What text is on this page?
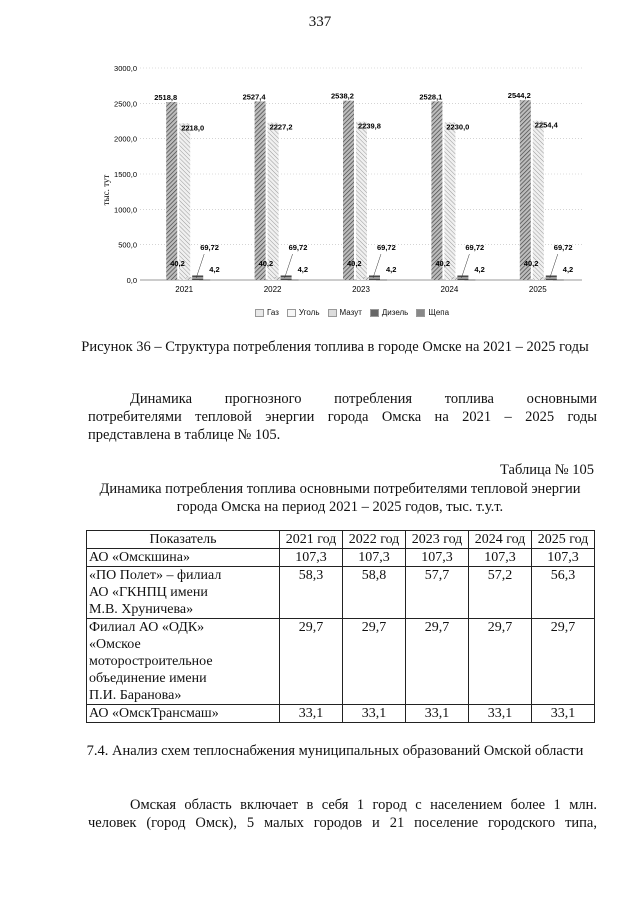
337
0,0
500,0
1000,0
1500,0
2000,0
2500,0
3000,0
2518,8
2218,0
40,2
69,72
4,2
2527,4
2227,2
40,2
69,72
4,2
2538,2
2239,8
40,2
69,72
4,2
2528,1
2230,0
40,2
69,72
4,2
2544,2
2254,4
40,2
69,72
4,2
2021	2022	2023	2024	2025
тыс. тут
Газ	Уголь	Мазут	Дизель	Щепа
Рисунок 36 – Структура потребления топлива в городе Омске на 2021 – 2025 годы
Динамика прогнозного потребления топлива основными
потребителями тепловой энергии города Омска на 2021 – 2025 годы
представлена в таблице № 105.
Таблица № 105
Динамика потребления топлива основными потребителями тепловой энергии города Омска на период 2021 – 2025 годов, тыс. т.у.т.
Показатель	2021 год	2022 год	2023 год	2024 год	2025 год
АО «Омскшина»	107,3	107,3	107,3	107,3	107,3
«ПО Полет» – филиал
АО «ГКНПЦ имени
М.В. Хруничева»	58,3	58,8	57,7	57,2	56,3
Филиал АО «ОДК»
«Омское
моторостроительное
объединение имени
П.И. Баранова»	29,7	29,7	29,7	29,7	29,7
АО «ОмскТрансмаш»	33,1	33,1	33,1	33,1	33,1
7.4. Анализ схем теплоснабжения муниципальных образований Омской области
Омская область включает в себя 1 город с населением более 1 млн.
человек (город Омск), 5 малых городов и 21 поселение городского типа,
